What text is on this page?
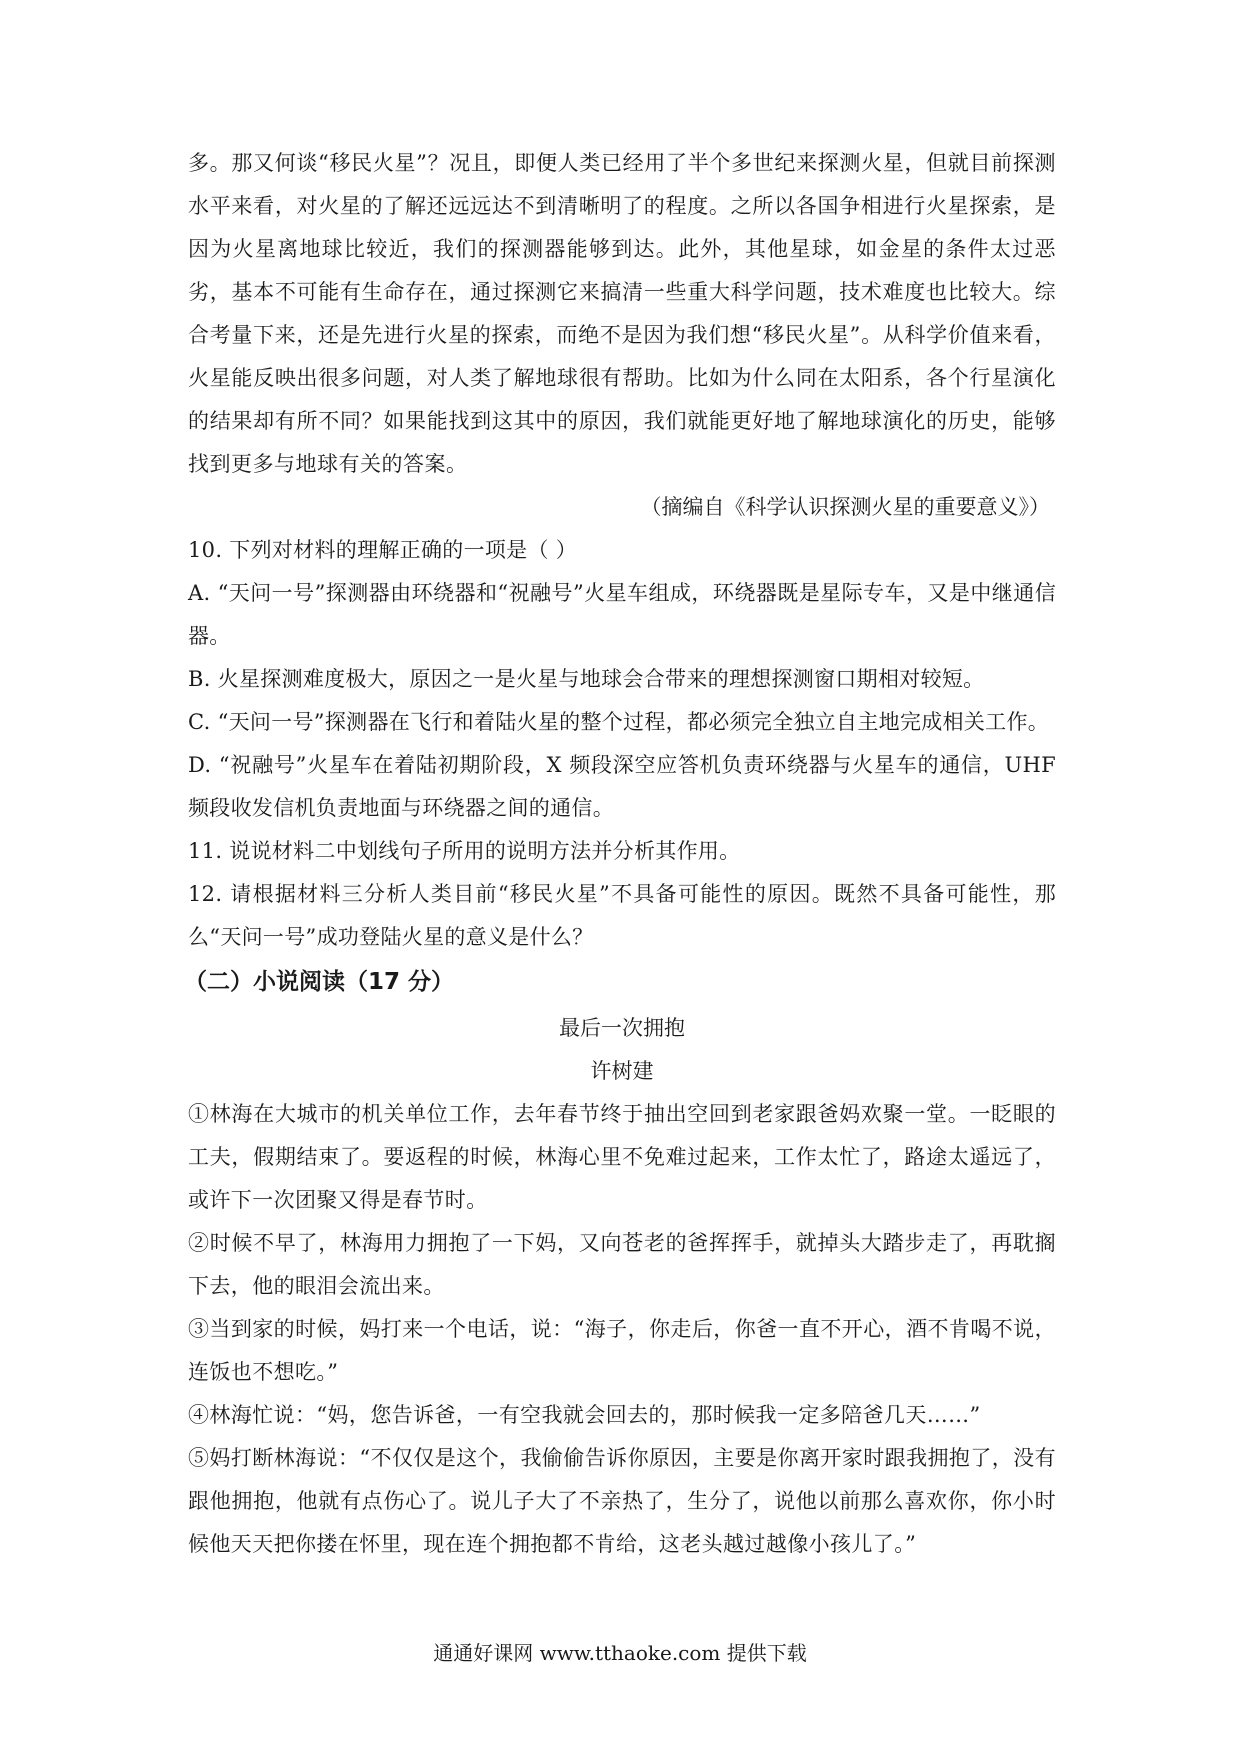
多。那又何谈“移民火星”？况且，即便人类已经用了半个多世纪来探测火星，但就目前探测水平来看，对火星的了解还远远达不到清晰明了的程度。之所以各国争相进行火星探索，是因为火星离地球比较近，我们的探测器能够到达。此外，其他星球，如金星的条件太过恶劣，基本不可能有生命存在，通过探测它来搞清一些重大科学问题，技术难度也比较大。综合考量下来，还是先进行火星的探索，而绝不是因为我们想“移民火星”。从科学价值来看，火星能反映出很多问题，对人类了解地球很有帮助。比如为什么同在太阳系，各个行星演化的结果却有所不同？如果能找到这其中的原因，我们就能更好地了解地球演化的历史，能够找到更多与地球有关的答案。

（摘编自《科学认识探测火星的重要意义》）

10. 下列对材料的理解正确的一项是（ ）

A. “天问一号”探测器由环绕器和“祝融号”火星车组成，环绕器既是星际专车，又是中继通信器。

B. 火星探测难度极大，原因之一是火星与地球会合带来的理想探测窗口期相对较短。

C. “天问一号”探测器在飞行和着陆火星的整个过程，都必须完全独立自主地完成相关工作。

D. “祝融号”火星车在着陆初期阶段，X 频段深空应答机负责环绕器与火星车的通信，UHF 频段收发信机负责地面与环绕器之间的通信。

11. 说说材料二中划线句子所用的说明方法并分析其作用。

12. 请根据材料三分析人类目前“移民火星”不具备可能性的原因。既然不具备可能性，那么“天问一号”成功登陆火星的意义是什么？

（二）小说阅读（17 分）

最后一次拥抱

许树建

①林海在大城市的机关单位工作，去年春节终于抽出空回到老家跟爸妈欢聚一堂。一眨眼的工夫，假期结束了。要返程的时候，林海心里不免难过起来，工作太忙了，路途太遥远了，或许下一次团聚又得是春节时。

②时候不早了，林海用力拥抱了一下妈，又向苍老的爸挥挥手，就掉头大踏步走了，再耽搁下去，他的眼泪会流出来。

③当到家的时候，妈打来一个电话，说：“海子，你走后，你爸一直不开心，酒不肯喝不说，连饭也不想吃。”

④林海忙说：“妈，您告诉爸，一有空我就会回去的，那时候我一定多陪爸几天……”

⑤妈打断林海说：“不仅仅是这个，我偷偷告诉你原因，主要是你离开家时跟我拥抱了，没有跟他拥抱，他就有点伤心了。说儿子大了不亲热了，生分了，说他以前那么喜欢你，你小时候他天天把你搂在怀里，现在连个拥抱都不肯给，这老头越过越像小孩儿了。”

通通好课网 www.tthaoke.com 提供下载
